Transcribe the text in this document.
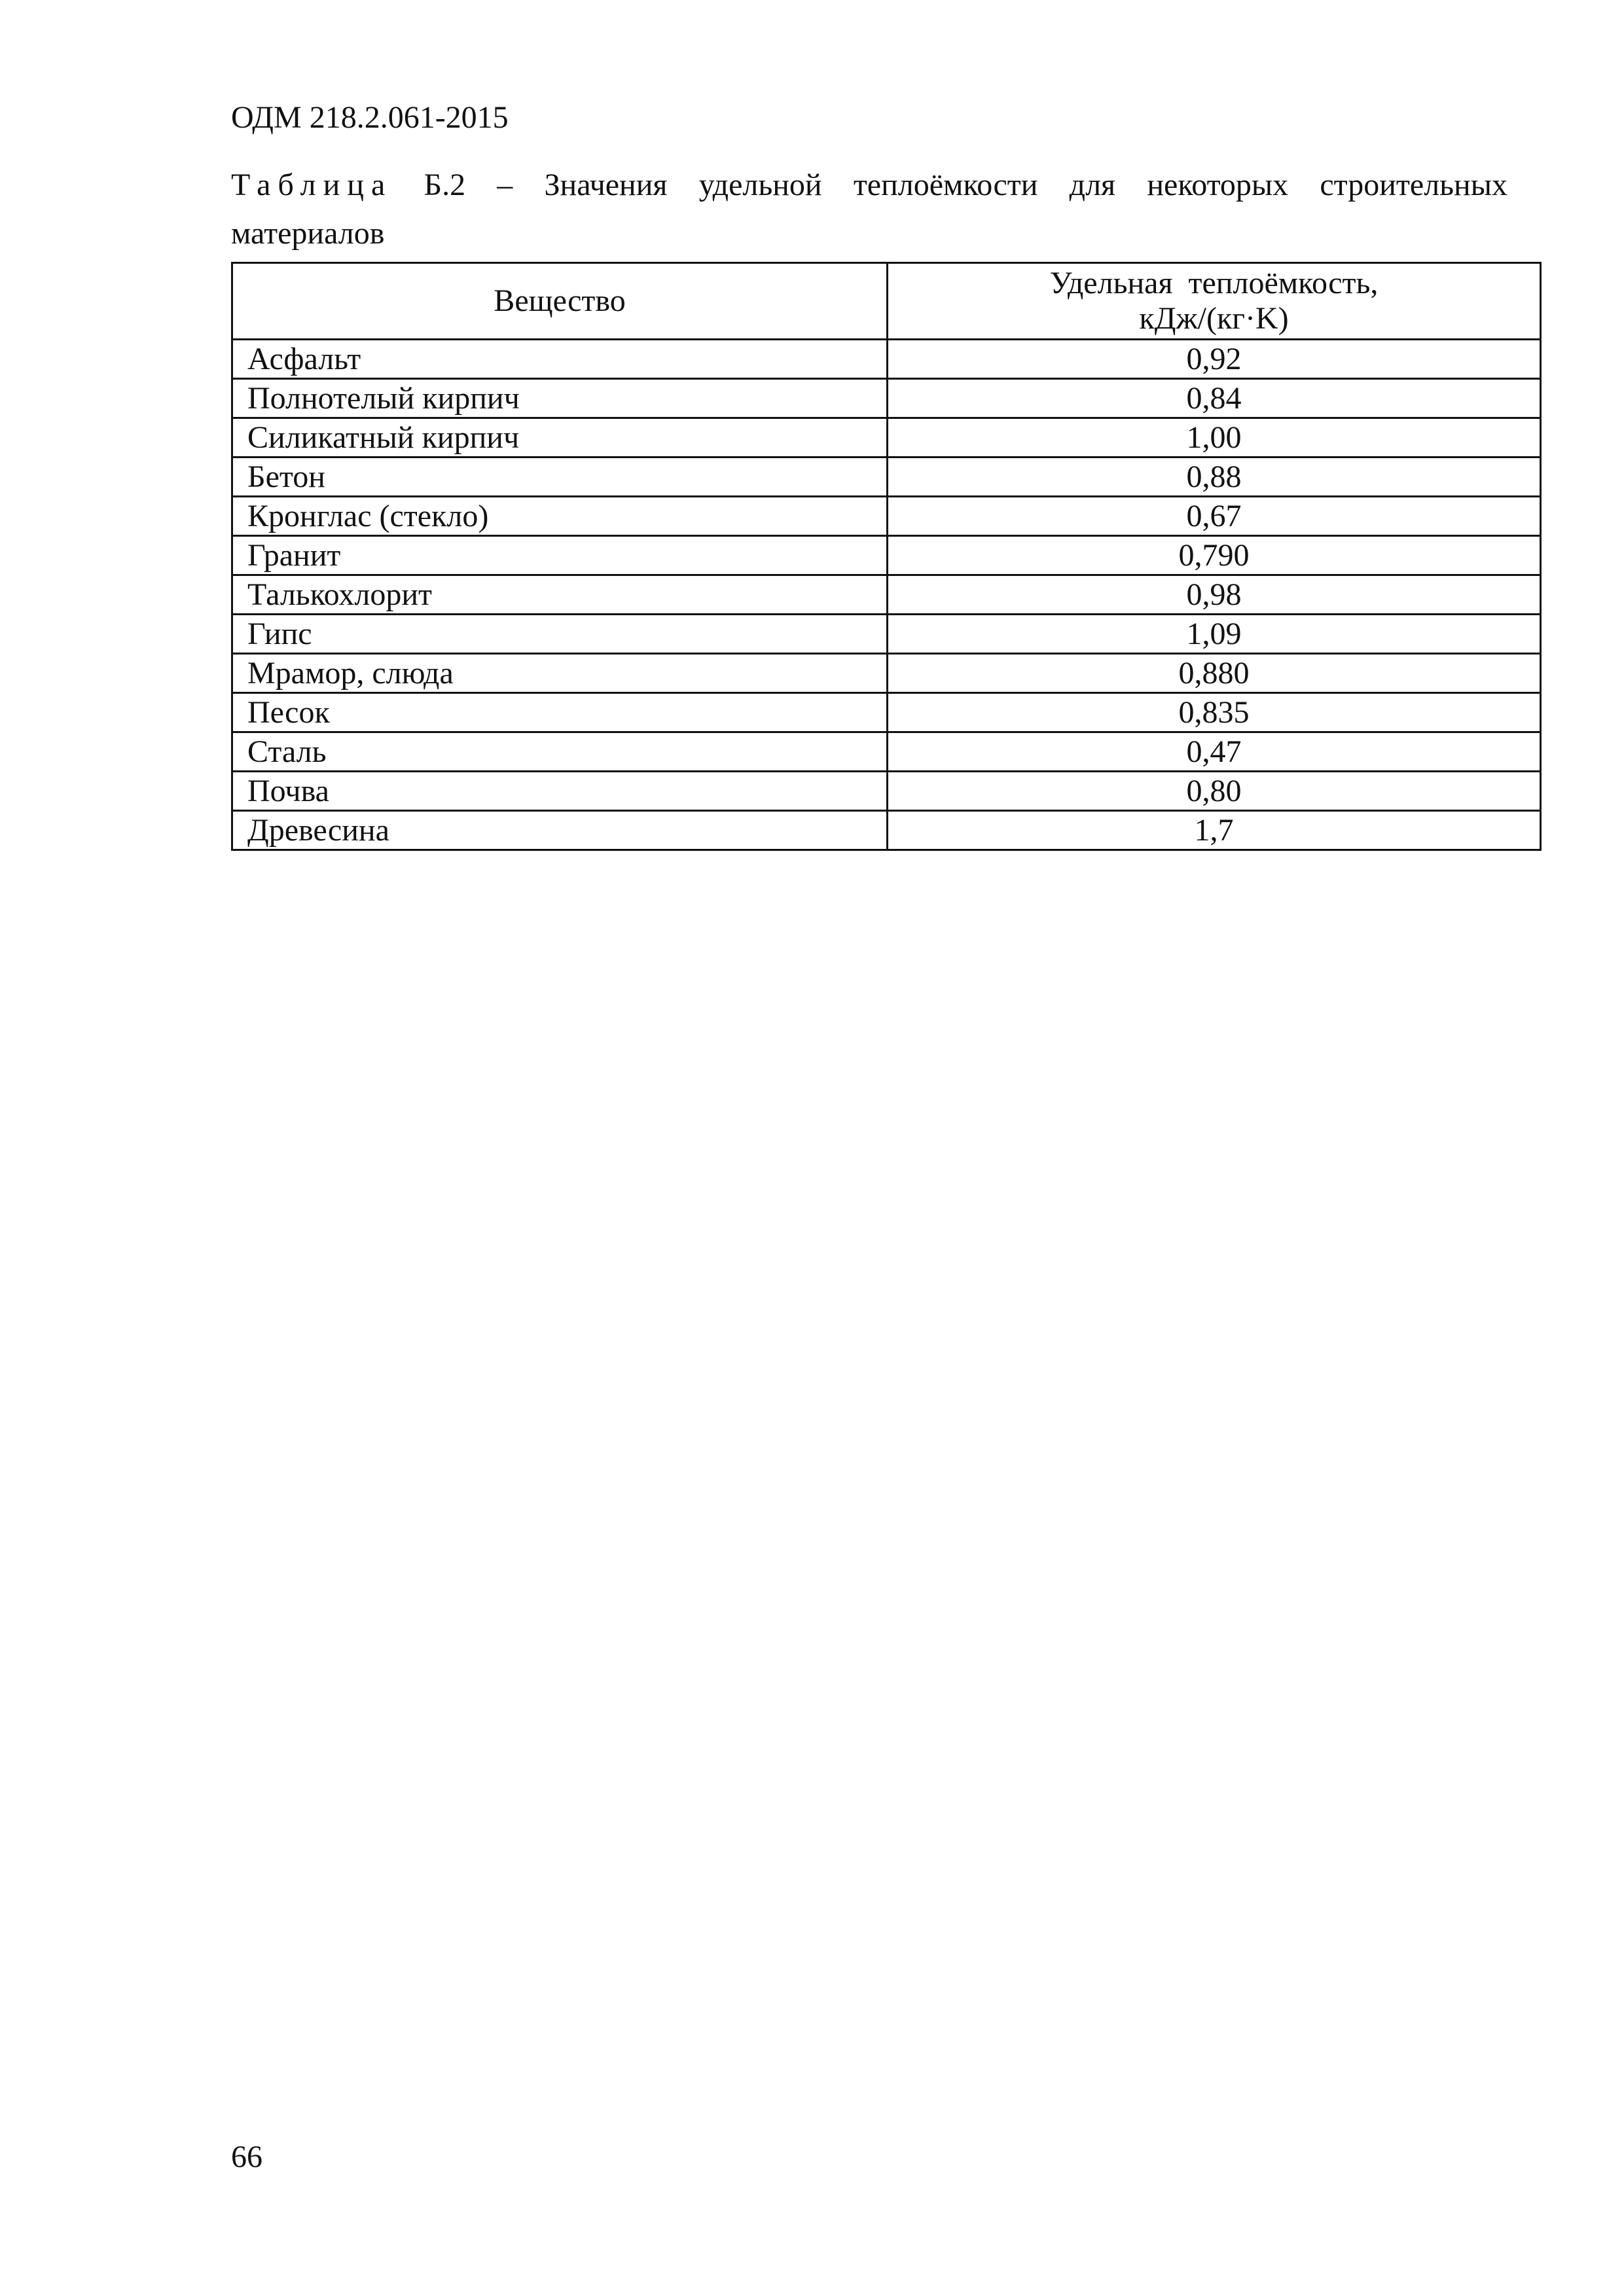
ОДМ 218.2.061-2015
Таблица Б.2 – Значения удельной теплоёмкости для некоторых строительных
материалов
Вещество	Удельная  теплоёмкость,
кДж/(кг·K)

Асфальт	0,92
Полнотелый кирпич	0,84
Силикатный кирпич	1,00
Бетон	0,88
Кронглас (стекло)	0,67
Гранит	0,790
Талькохлорит	0,98
Гипс	1,09
Мрамор, слюда	0,880
Песок	0,835
Сталь	0,47
Почва	0,80
Древесина	1,7
66
